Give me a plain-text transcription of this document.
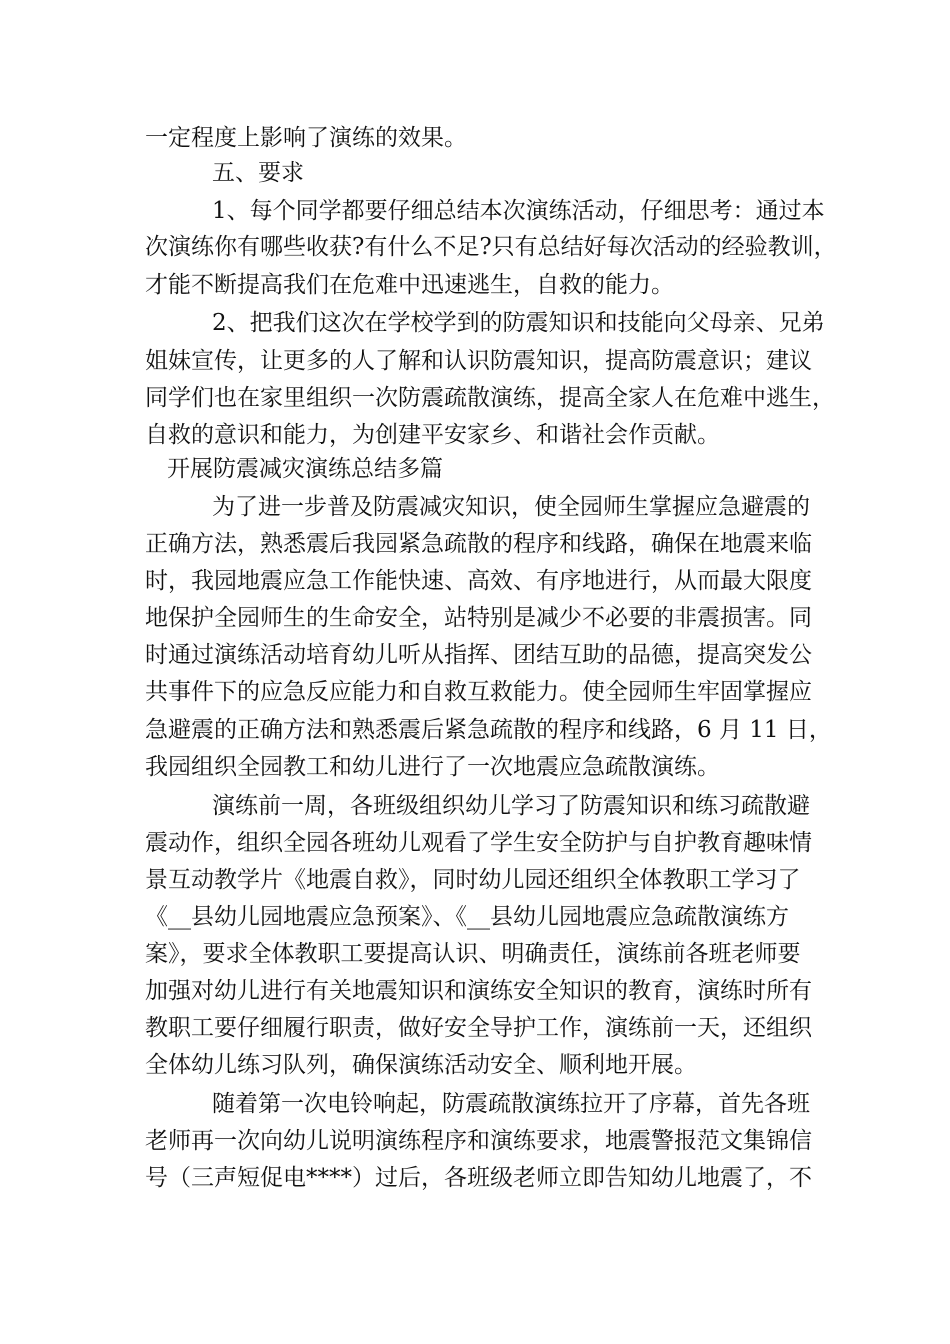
一定程度上影响了演练的效果。
五、要求
1、每个同学都要仔细总结本次演练活动，仔细思考：通过本
次演练你有哪些收获?有什么不足?只有总结好每次活动的经验教训，
才能不断提高我们在危难中迅速逃生，自救的能力。
2、把我们这次在学校学到的防震知识和技能向父母亲、兄弟
姐妹宣传，让更多的人了解和认识防震知识，提高防震意识；建议
同学们也在家里组织一次防震疏散演练，提高全家人在危难中逃生，
自救的意识和能力，为创建平安家乡、和谐社会作贡献。
开展防震减灾演练总结多篇
为了进一步普及防震减灾知识，使全园师生掌握应急避震的
正确方法，熟悉震后我园紧急疏散的程序和线路，确保在地震来临
时，我园地震应急工作能快速、高效、有序地进行，从而最大限度
地保护全园师生的生命安全，站特别是减少不必要的非震损害。同
时通过演练活动培育幼儿听从指挥、团结互助的品德，提高突发公
共事件下的应急反应能力和自救互救能力。使全园师生牢固掌握应
急避震的正确方法和熟悉震后紧急疏散的程序和线路，6 月 11 日，
我园组织全园教工和幼儿进行了一次地震应急疏散演练。
演练前一周，各班级组织幼儿学习了防震知识和练习疏散避
震动作，组织全园各班幼儿观看了学生安全防护与自护教育趣味情
景互动教学片《地震自救》，同时幼儿园还组织全体教职工学习了
《__县幼儿园地震应急预案》、《__县幼儿园地震应急疏散演练方
案》，要求全体教职工要提高认识、明确责任，演练前各班老师要
加强对幼儿进行有关地震知识和演练安全知识的教育，演练时所有
教职工要仔细履行职责，做好安全导护工作，演练前一天，还组织
全体幼儿练习队列，确保演练活动安全、顺利地开展。
随着第一次电铃响起，防震疏散演练拉开了序幕，首先各班
老师再一次向幼儿说明演练程序和演练要求，地震警报范文集锦信
号（三声短促电****）过后，各班级老师立即告知幼儿地震了，不
